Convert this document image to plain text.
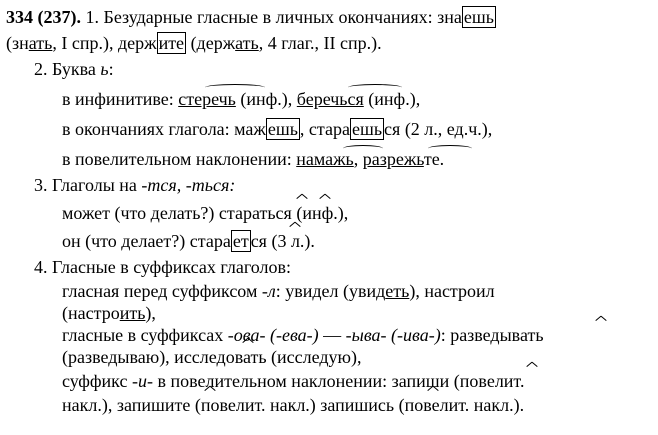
334 (237). 1. Безударные гласные в личных окончаниях: зна ешь
(знать, I спр.), держ ите (держать, 4 глаг., II спр.).
2. Буква ь:
в инфинитиве: стеречь (инф.), беречься (инф.),
в окончаниях глагола: маж ешь , стара ешь ся (2 л., ед.ч.),
в повелительном наклонении: намажь, разрежьте.
3. Глаголы на -тся, -ться:
может (что делать?) стараться (инф.),
он (что делает?) стара ет ся (3 л.).
4. Гласные в суффиксах глаголов:
гласная перед суффиксом -л: увидел (увидеть), настроил
(настроить),
гласные в суффиксах -ова- (-ева-) — -ыва- (-ива-): разведывать
(разведываю), исследовать (исследую),
суффикс -и- в повелительном наклонении: запиши (повелит.
накл.), запишите (повелит. накл.) запишись (повелит. накл.).
